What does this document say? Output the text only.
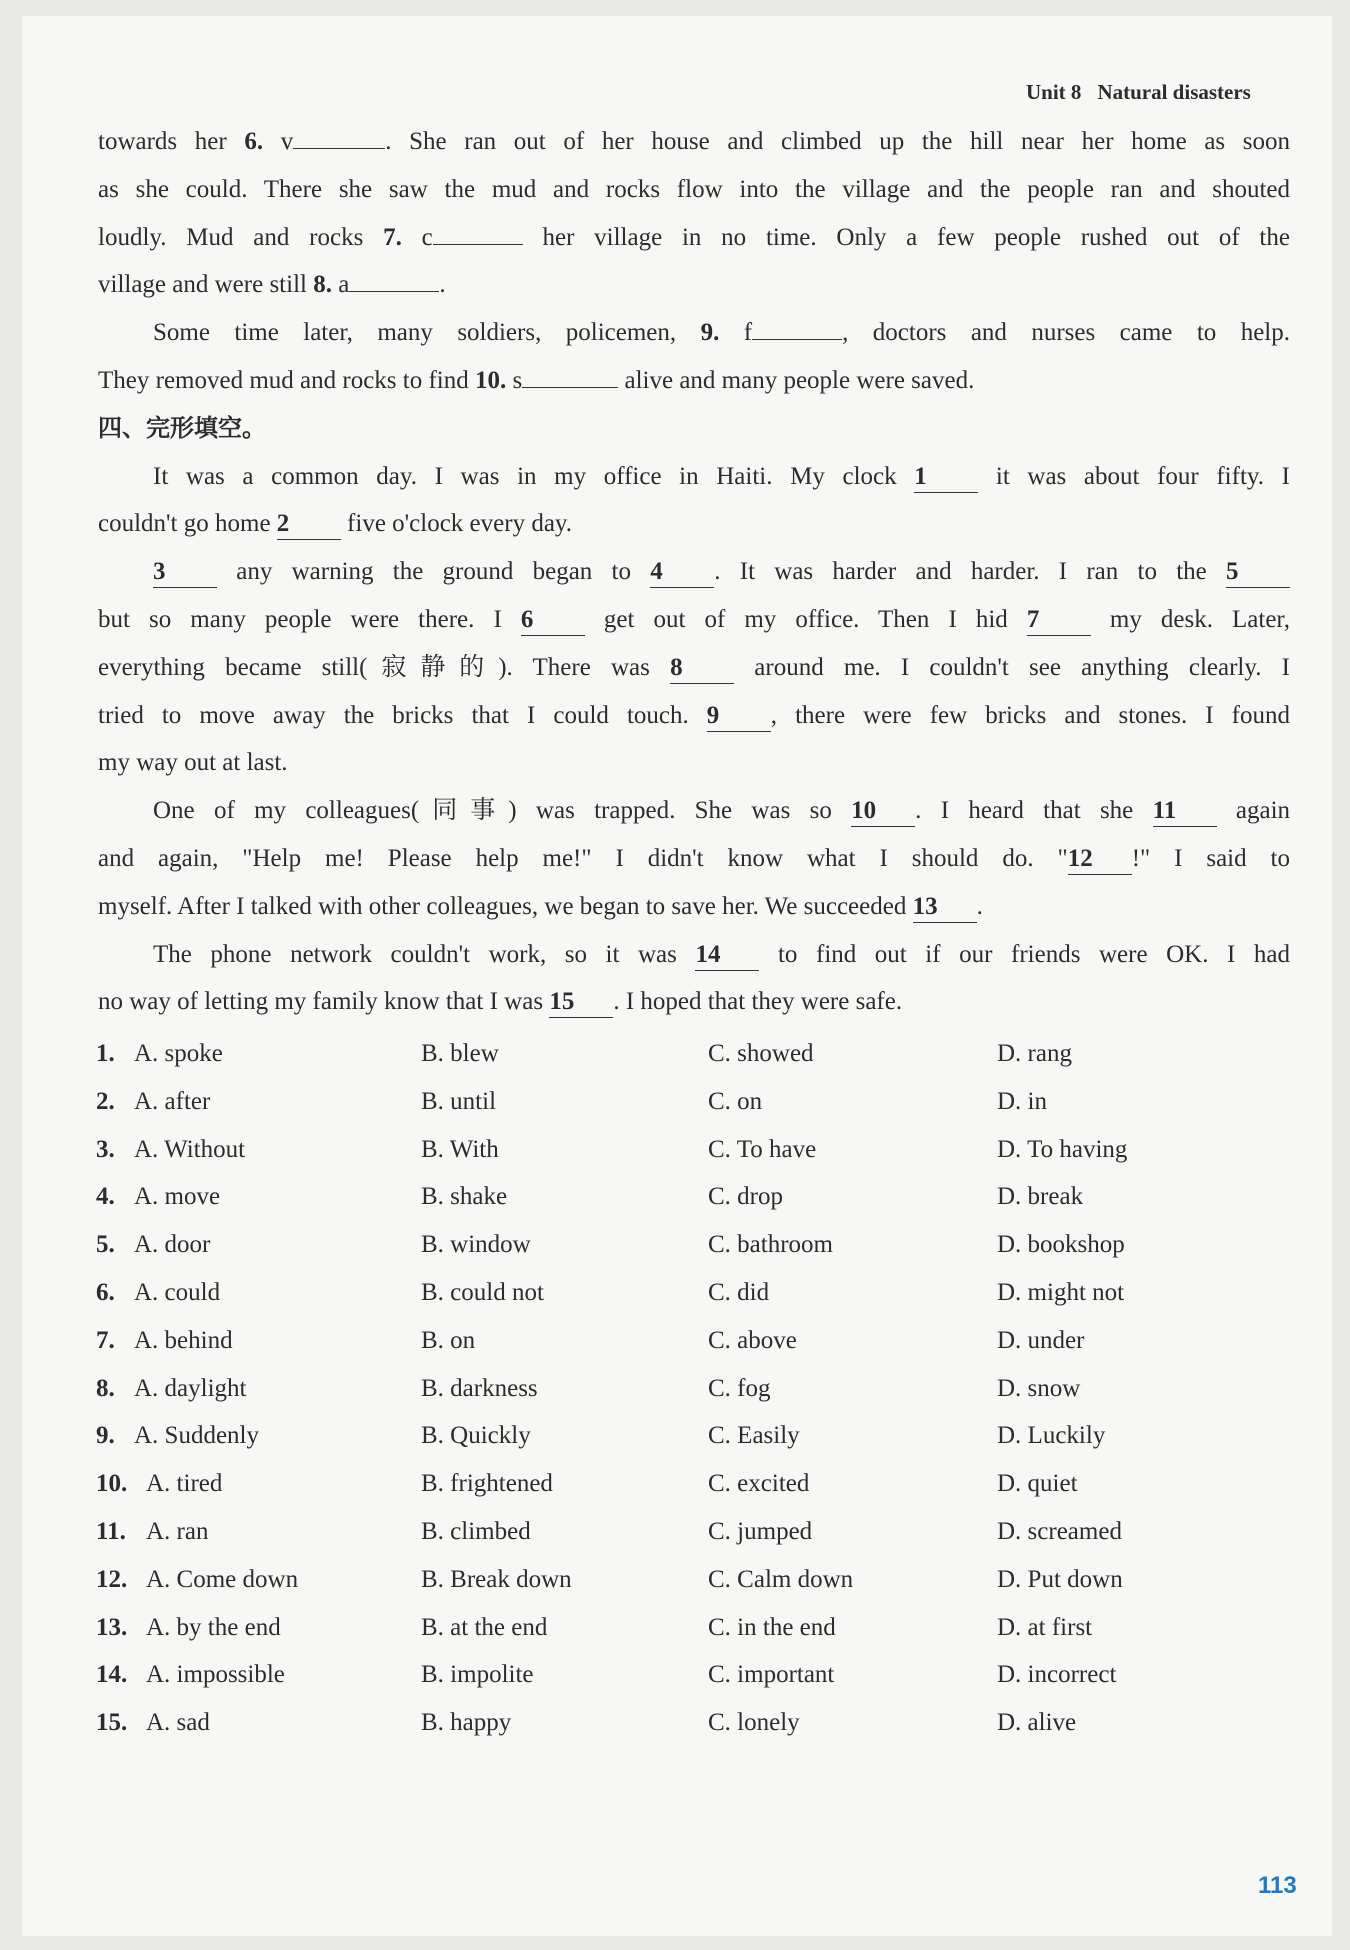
Unit 8 Natural disasters
towards her 6. v	. She ran out of her house and climbed up the hill near her home as soon
as she could. There she saw the mud and rocks flow into the village and the people ran and shouted
loudly. Mud and rocks 7. c	her village in no time. Only a few people rushed out of the
village and were still 8. a	.
Some time later, many soldiers, policemen, 9. f	, doctors and nurses came to help.
They removed mud and rocks to find 10. s	alive and many people were saved.
四、完形填空。
It was a common day. I was in my office in Haiti. My clock 1 it was about four fifty. I
couldn't go home 2 five o'clock every day.
3 any warning the ground began to 4 . It was harder and harder. I ran to the 5
but so many people were there. I 6 get out of my office. Then I hid 7 my desk. Later,
everything became still(寂静的). There was 8 around me. I couldn't see anything clearly. I
tried to move away the bricks that I could touch. 9 , there were few bricks and stones. I found
my way out at last.
One of my colleagues(同事) was trapped. She was so 10 . I heard that she 11 again
and again, "Help me! Please help me!" I didn't know what I should do. "12 !" I said to
myself. After I talked with other colleagues, we began to save her. We succeeded 13 .
The phone network couldn't work, so it was 14 to find out if our friends were OK. I had
no way of letting my family know that I was 15 . I hoped that they were safe.
1. A. spoke	B. blew	C. showed	D. rang
2. A. after	B. until	C. on	D. in
3. A. Without	B. With	C. To have	D. To having
4. A. move	B. shake	C. drop	D. break
5. A. door	B. window	C. bathroom	D. bookshop
6. A. could	B. could not	C. did	D. might not
7. A. behind	B. on	C. above	D. under
8. A. daylight	B. darkness	C. fog	D. snow
9. A. Suddenly	B. Quickly	C. Easily	D. Luckily
10. A. tired	B. frightened	C. excited	D. quiet
11. A. ran	B. climbed	C. jumped	D. screamed
12. A. Come down	B. Break down	C. Calm down	D. Put down
13. A. by the end	B. at the end	C. in the end	D. at first
14. A. impossible	B. impolite	C. important	D. incorrect
15. A. sad	B. happy	C. lonely	D. alive
113
